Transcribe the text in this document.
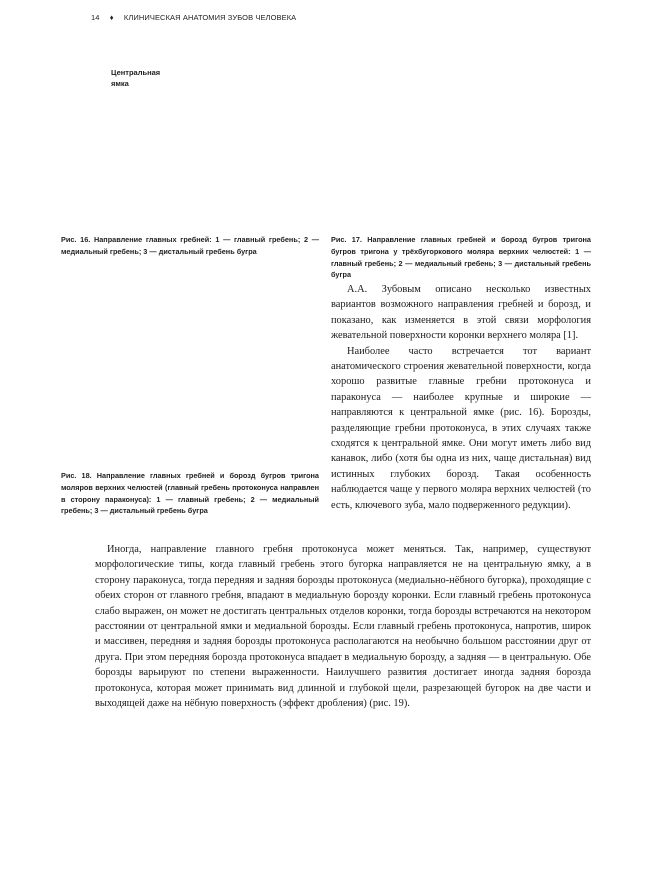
14 ♦ КЛИНИЧЕСКАЯ АНАТОМИЯ ЗУБОВ ЧЕЛОВЕКА
Центральная
ямка
Рис. 16. Направление главных гребней: 1 — главный гребень; 2 — медиальный гребень; 3 — дистальный гребень бугра
Рис. 17. Направление главных гребней и борозд бугров тригона бугров тригона у трёхбугоркового моляра верхних челюстей: 1 — главный гребень; 2 — медиальный гребень; 3 — дистальный гребень бугра
Рис. 18. Направление главных гребней и борозд бугров тригона моляров верхних челюстей (главный гребень протоконуса направлен в сторону параконуса): 1 — главный гребень; 2 — медиальный гребень; 3 — дистальный гребень бугра

А.А. Зубовым описано несколько известных вариантов возможного направления гребней и борозд, и показано, как изменяется в этой связи морфология жевательной поверхности коронки верхнего моляра [1].

Наиболее часто встречается тот вариант анатомического строения жевательной поверхности, когда хорошо развитые главные гребни протоконуса и параконуса — наиболее крупные и широкие — направляются к центральной ямке (рис. 16). Борозды, разделяющие гребни протоконуса, в этих случаях также сходятся к центральной ямке. Они могут иметь либо вид канавок, либо (хотя бы одна из них, чаще дистальная) вид истинных глубоких борозд. Такая особенность наблюдается чаще у первого моляра верхних челюстей (то есть, ключевого зуба, мало подверженного редукции).

Иногда, направление главного гребня протоконуса может меняться. Так, например, существуют морфологические типы, когда главный гребень этого бугорка направляется не на центральную ямку, а в сторону параконуса, тогда передняя и задняя борозды протоконуса (медиально-нёбного бугорка), проходящие с обеих сторон от главного гребня, впадают в медиальную борозду коронки. Если главный гребень протоконуса слабо выражен, он может не достигать центральных отделов коронки, тогда борозды встречаются на некотором расстоянии от центральной ямки и медиальной борозды. Если главный гребень протоконуса, напротив, широк и массивен, передняя и задняя борозды протоконуса располагаются на необычно большом расстоянии друг от друга. При этом передняя борозда протоконуса впадает в медиальную борозду, а задняя — в центральную. Обе борозды варьируют по степени выраженности. Наилучшего развития достигает иногда задняя борозда протоконуса, которая может принимать вид длинной и глубокой щели, разрезающей бугорок на две части и выходящей даже на нёбную поверхность (эффект дробления) (рис. 19).
